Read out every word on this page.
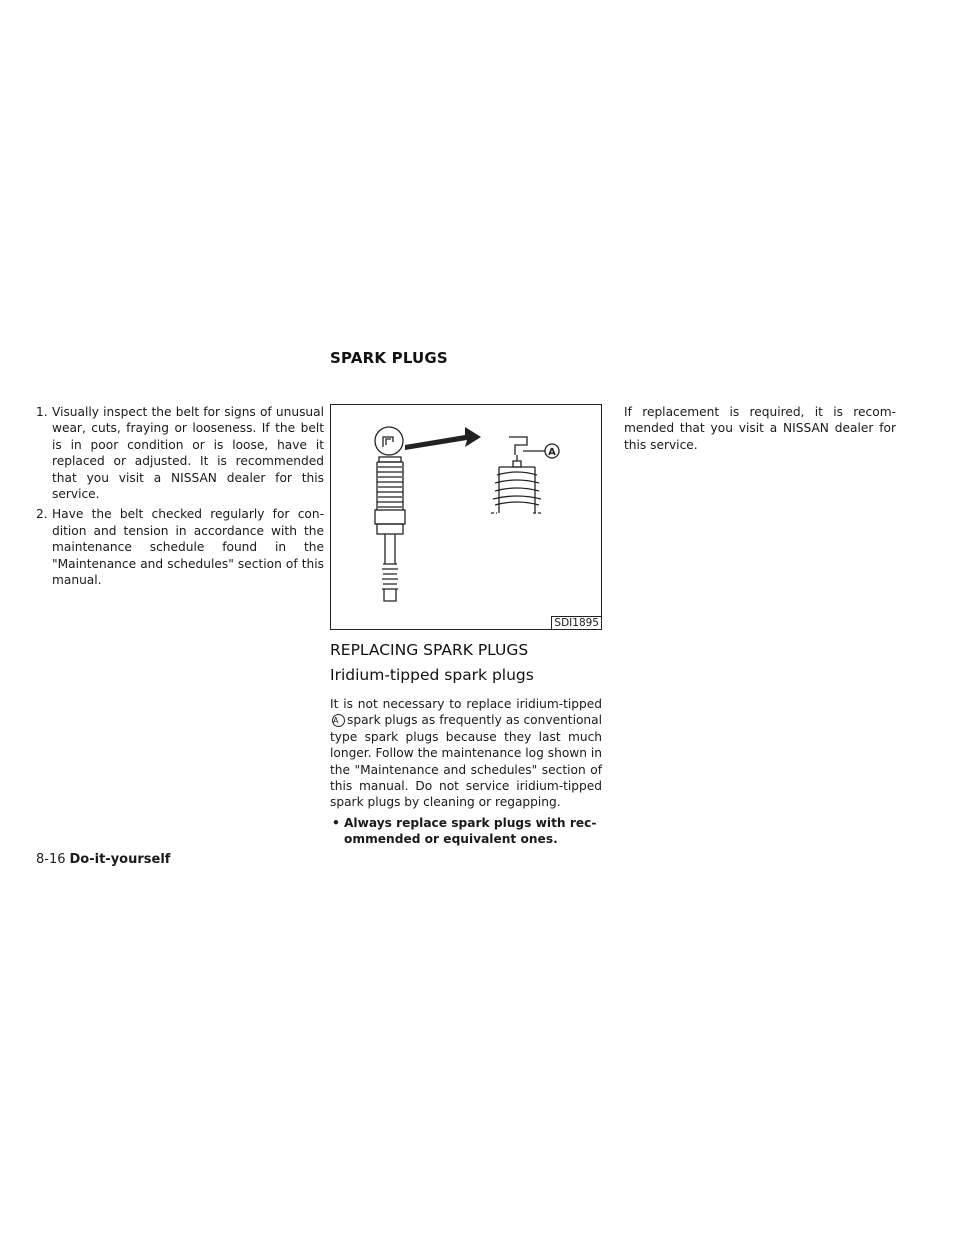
SPARK PLUGS
1. Visually inspect the belt for signs of unusual wear, cuts, fraying or looseness. If the belt is in poor condition or is loose, have it replaced or adjusted. It is recommended that you visit a NISSAN dealer for this service.
2. Have the belt checked regularly for condition and tension in accordance with the maintenance schedule found in the "Maintenance and schedules" section of this manual.
A
SDI1895
REPLACING SPARK PLUGS
Iridium-tipped spark plugs
It is not necessary to replace iridium-tippedA spark plugs as frequently as conventional type spark plugs because they last much longer. Follow the maintenance log shown in the "Maintenance and schedules" section of this manual. Do not service iridium-tipped spark plugs by cleaning or regapping.
• Always replace spark plugs with recommended or equivalent ones.
If replacement is required, it is recommended that you visit a NISSAN dealer for this service.
8-16 Do-it-yourself
